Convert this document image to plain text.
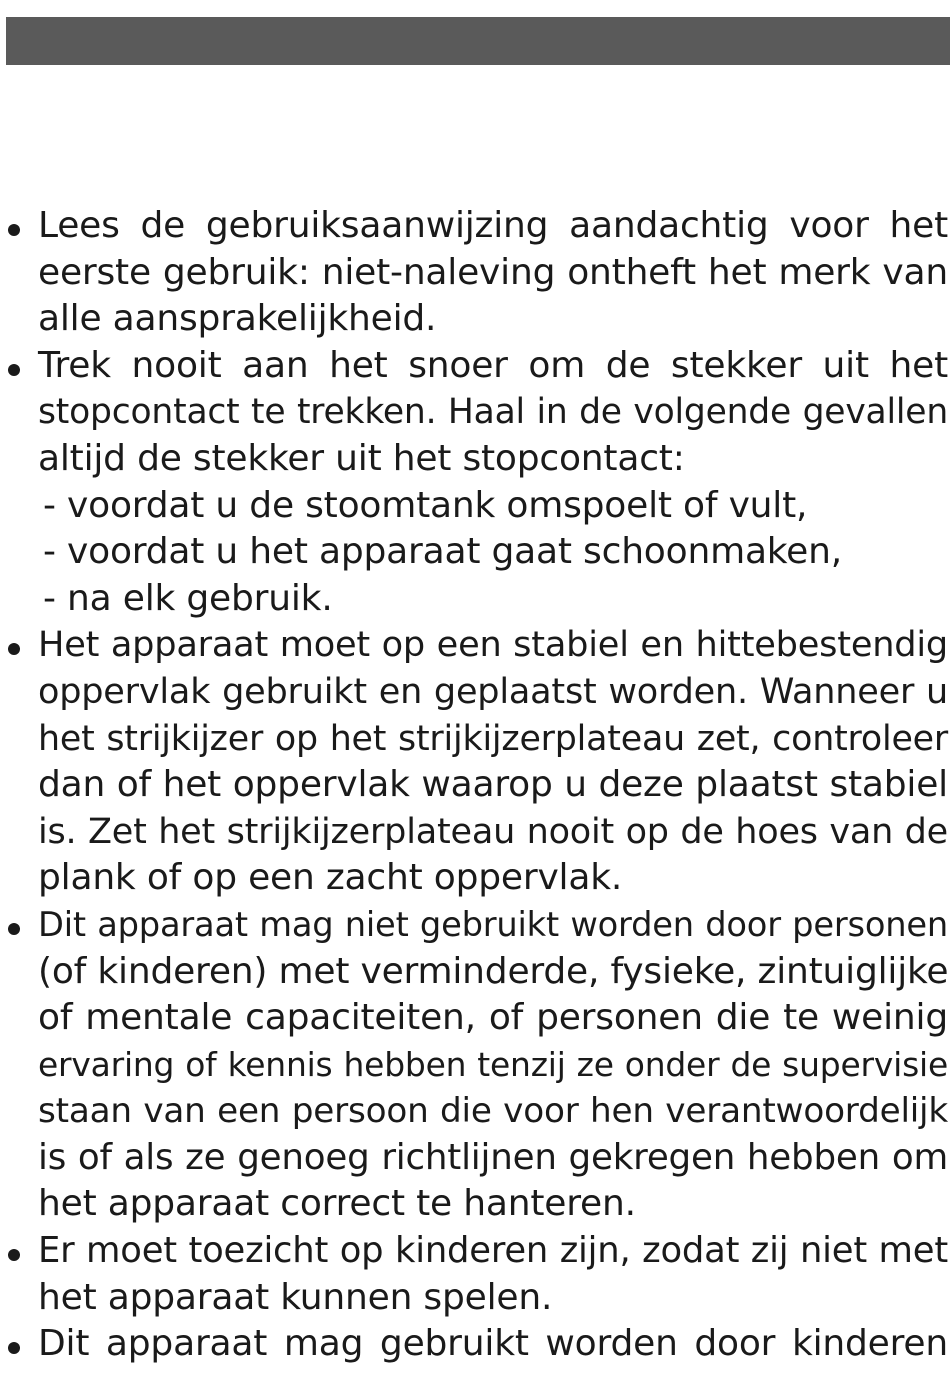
Lees de gebruiksaanwijzing aandachtig voor het
eerste gebruik: niet-naleving ontheft het merk van
alle aansprakelijkheid.
Trek nooit aan het snoer om de stekker uit het
stopcontact te trekken. Haal in de volgende gevallen
altijd de stekker uit het stopcontact:
- voordat u de stoomtank omspoelt of vult,
- voordat u het apparaat gaat schoonmaken,
- na elk gebruik.
Het apparaat moet op een stabiel en hittebestendig
oppervlak gebruikt en geplaatst worden. Wanneer u
het strijkijzer op het strijkijzerplateau zet, controleer
dan of het oppervlak waarop u deze plaatst stabiel
is. Zet het strijkijzerplateau nooit op de hoes van de
plank of op een zacht oppervlak.
Dit apparaat mag niet gebruikt worden door personen
(of kinderen) met verminderde, fysieke, zintuiglijke
of mentale capaciteiten, of personen die te weinig
ervaring of kennis hebben tenzij ze onder de supervisie
staan van een persoon die voor hen verantwoordelijk
is of als ze genoeg richtlijnen gekregen hebben om
het apparaat correct te hanteren.
Er moet toezicht op kinderen zijn, zodat zij niet met
het apparaat kunnen spelen.
Dit apparaat mag gebruikt worden door kinderen
